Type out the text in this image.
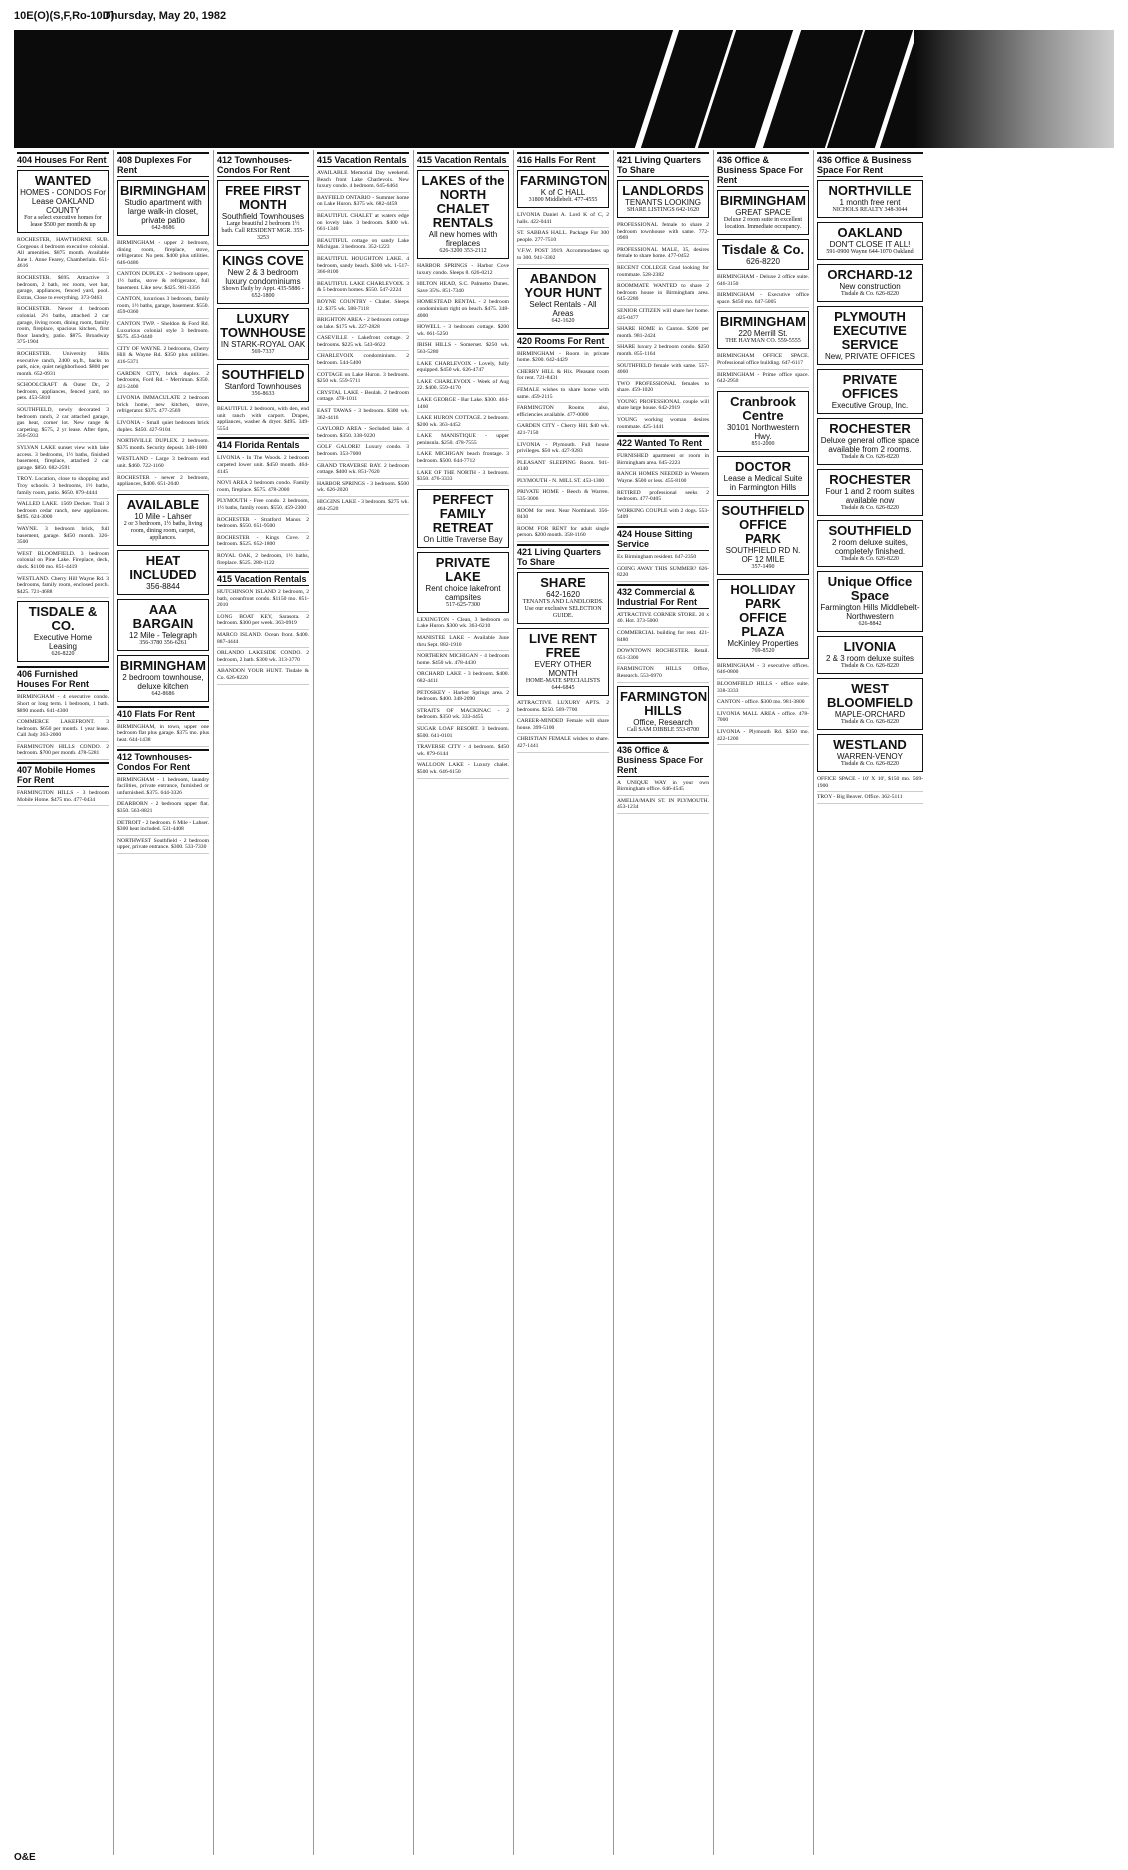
10E(O)(S,F,Ro-10D)
Thursday, May 20, 1982
404 Houses For Rent
WANTED
HOMES - CONDOS For Lease OAKLAND COUNTY
For a select executive homes for lease $500 per month & up
ROCHESTER, HAWTHORNE SUB. Gorgeous 4 bedroom executive colonial. All amenities. $875 month. Available June 1. Anne Fearey, Chamberlain. 651-4616
ROCHESTER. $695. Attractive 3 bedroom, 2 bath, rec room, wet bar, garage, appliances, fenced yard, pool. Extras, Close to everything. 373-9463
ROCHESTER. Newer 4 bedroom colonial. 2½ baths, attached 2 car garage, living room, dining room, family room, fireplace, spacious kitchen, first floor laundry, patio. $875. Broadway 375-1904
ROCHESTER. University Hills executive ranch, 2400 sq.ft., backs to park, nice, quiet neighborhood. $800 per month. 652-0931
SCHOOLCRAFT & Outer Dr., 2 bedroom, appliances, fenced yard, no pets. 453-5810
SOUTHFIELD, newly decorated 3 bedroom ranch, 2 car attached garage, gas heat, corner lot. New range & carpeting. $575, 2 yr lease. After 6pm, 356-5933
SYLVAN LAKE sunset view with lake access. 3 bedrooms, 1½ baths, finished basement, fireplace, attached 2 car garage. $850. 682-2591
TROY. Location, close to shopping and Troy schools. 3 bedrooms, 1½ baths, family room, patio. $650. 879-4444
WALLED LAKE. 1569 Decker. Trail 3 bedroom cedar ranch, new appliances. $495. 624-3000
WAYNE. 3 bedroom brick, full basement, garage. $450 month. 326-3500
WEST BLOOMFIELD. 3 bedroom colonial on Pine Lake. Fireplace, deck, dock. $1100 mo. 851-4419
WESTLAND. Cherry Hill Wayne Rd. 3 bedrooms, family room, enclosed porch. $425. 721-4688
TISDALE & CO.
Executive Home Leasing
626-8220
406 Furnished Houses For Rent
BIRMINGHAM - 4 executive condo. Short or long term. 1 bedroom, 1 bath. $890 month. 641-4300
COMMERCE LAKEFRONT. 3 bedroom. $650 per month. 1 year lease. Call Judy 363-2000
FARMINGTON HILLS CONDO. 2 bedroom. $700 per month. 478-5281
407 Mobile Homes For Rent
FARMINGTON HILLS - 3 bedroom Mobile Home. $475 mo. 477-0434
408 Duplexes For Rent
BIRMINGHAM
Studio apartment with large walk-in closet, private patio
642-8686
BIRMINGHAM - upper 2 bedroom, dining room, fireplace, stove, refrigerator. No pets. $400 plus utilities. 646-0486
CANTON DUPLEX - 2 bedroom upper, 1½ baths, stove & refrigerator, full basement. Like new. $425. 981-3356
CANTON, luxurious 3 bedroom, family room, 1½ baths, garage, basement. $550. 459-0360
CANTON TWP. - Sheldon & Ford Rd. Luxurious colonial style 3 bedroom. $575. 453-0440
CITY OF WAYNE. 2 bedrooms, Cherry Hill & Wayne Rd. $350 plus utilities. 416-5371
GARDEN CITY, brick duplex. 2 bedrooms, Ford Rd. - Merriman. $350. 421-2400
LIVONIA IMMACULATE 2 bedroom brick home, new kitchen, stove, refrigerator. $375. 477-2569
LIVONIA - Small quiet bedroom brick duplex. $450. 427-9104
NORTHVILLE DUPLEX. 2 bedroom. $375 month. Security deposit. 348-1000
WESTLAND - Large 3 bedroom end unit. $460. 722-1160
ROCHESTER - newer 2 bedroom, appliances, $400. 651-2040
AVAILABLE
10 Mile - Lahser
2 or 3 bedroom, 1½ baths, living room, dining room, carpet, appliances.
HEAT INCLUDED
356-8844
AAA BARGAIN
12 Mile - Telegraph
356-3780 356-6261
BIRMINGHAM
2 bedroom townhouse, deluxe kitchen
642-8686
410 Flats For Rent
BIRMINGHAM, in town, upper one bedroom flat plus garage. $375 mo. plus heat. 644-1438
412 Townhouses-Condos For Rent
BIRMINGHAM - 1 bedroom, laundry facilities, private entrance, furnished or unfurnished. $375. 644-3326
DEARBORN - 2 bedroom upper flat. $350. 563-8821
DETROIT - 2 bedroom. 6 Mile - Lahser. $300 heat included. 531-4408
NORTHWEST Southfield - 2 bedroom upper, private entrance. $300. 533-7330
412 Townhouses-Condos For Rent
FREE FIRST MONTH
Southfield Townhouses
Large beautiful 2 bedroom 1½ bath. Call RESIDENT MGR. 355-3253
KINGS COVE
New 2 & 3 bedroom luxury condominiums
Shown Daily by Appt. 435-5886 - 652-1800
LUXURY TOWNHOUSE
IN STARK-ROYAL OAK
569-7337
SOUTHFIELD
Stanford Townhouses
356-8633
BEAUTIFUL 2 bedroom, with den, end unit ranch with carport. Drapes, appliances, washer & dryer. $495. 349-5554
414 Florida Rentals
LIVONIA - In The Woods. 2 bedroom carpeted lower unit. $450 month. 464-4145
NOVI AREA 2 bedroom condo. Family room, fireplace. $575. 478-2000
PLYMOUTH - Free condo. 2 bedroom, 1½ baths, family room. $550. 459-2300
ROCHESTER - Stratford Manor. 2 bedroom. $550. 651-9500
ROCHESTER - Kings Cove. 2 bedroom. $525. 652-1800
ROYAL OAK, 2 bedroom, 1½ baths, fireplace. $525. 280-1122
415 Vacation Rentals
HUTCHINSON ISLAND 2 bedroom, 2 bath, oceanfront condo. $1150 mo. 851-2010
LONG BOAT KEY, Sarasota. 2 bedroom. $300 per week. 363-0919
MARCO ISLAND. Ocean front. $400. 887-4444
ORLANDO LAKESIDE CONDO. 2 bedroom, 2 bath. $300 wk. 313-3770
ABANDON YOUR HUNT. Tisdale & Co. 626-8220
415 Vacation Rentals
AVAILABLE Memorial Day weekend. Beach front Lake Charlevoix. New luxury condo. 4 bedroom. 645-6464
BAYFIELD ONTARIO - Summer home on Lake Huron. $375 wk. 682-4459
BEAUTIFUL CHALET at waters edge on lovely lake. 3 bedroom. $400 wk. 661-1340
BEAUTIFUL cottage on sandy Lake Michigan. 3 bedroom. 352-1223
BEAUTIFUL HOUGHTON LAKE. 4 bedroom, sandy beach. $300 wk. 1-517-366-8100
BEAUTIFUL LAKE CHARLEVOIX. 3 & 5 bedroom homes. $550. 547-2224
BOYNE COUNTRY - Chalet. Sleeps 12. $375 wk. 588-7118
BRIGHTON AREA - 2 bedroom cottage on lake. $175 wk. 227-2828
CASEVILLE - Lakefront cottage. 2 bedrooms. $225 wk. 543-6622
CHARLEVOIX condominium. 2 bedroom. 544-5400
COTTAGE on Lake Huron. 3 bedroom. $250 wk. 559-5711
CRYSTAL LAKE - Beulah. 2 bedroom cottage. 478-1011
EAST TAWAS - 3 bedroom. $300 wk. 362-4416
GAYLORD AREA - Secluded lake. 4 bedroom. $350. 338-9220
GOLF GALORE! Luxury condo. 3 bedroom. 353-7000
GRAND TRAVERSE BAY. 2 bedroom cottage. $400 wk. 851-7620
HARBOR SPRINGS - 3 bedroom. $500 wk. 626-2020
HIGGINS LAKE - 3 bedroom. $275 wk. 464-2520
415 Vacation Rentals
LAKES of the NORTH CHALET RENTALS
All new homes with fireplaces
626-3200 353-2112
HARBOR SPRINGS - Harbor Cove luxury condo. Sleeps 8. 626-0212
HILTON HEAD, S.C. Palmetto Dunes. Save 35%. 851-7340
HOMESTEAD RENTAL - 2 bedroom condominium right on beach. $475. 348-4000
HOWELL - 3 bedroom cottage. $200 wk. 661-5250
IRISH HILLS - Somerset. $250 wk. 563-5280
LAKE CHARLEVOIX - Lovely, fully equipped. $450 wk. 626-4747
LAKE CHARLEVOIX - Week of Aug 22. $400. 559-4170
LAKE GEORGE - Bar Lake. $300. 464-1460
LAKE HURON COTTAGE. 2 bedroom. $200 wk. 363-4452
LAKE MANISTIQUE - upper peninsula. $250. 478-7555
LAKE MICHIGAN beach frontage. 3 bedroom. $500. 644-7712
LAKE OF THE NORTH - 3 bedroom. $350. 476-3333
PERFECT FAMILY RETREAT
On Little Traverse Bay
PRIVATE LAKE
Rent choice lakefront campsites
517-625-7300
LEXINGTON - Clean, 3 bedroom on Lake Huron. $300 wk. 363-6210
MANISTEE LAKE - Available June thru Sept. 882-1910
NORTHERN MICHIGAN - 4 bedroom home. $450 wk. 478-4430
ORCHARD LAKE - 3 bedroom. $400. 682-4411
PETOSKEY - Harbor Springs area. 2 bedroom. $400. 348-2090
STRAITS OF MACKINAC - 2 bedroom. $350 wk. 333-4455
SUGAR LOAF RESORT. 3 bedroom. $500. 641-0101
TRAVERSE CITY - 4 bedroom. $450 wk. 879-6144
WALLOON LAKE - Luxury chalet. $500 wk. 646-6150
416 Halls For Rent
FARMINGTON
K of C HALL
31800 Middlebelt. 477-4555
LIVONIA Daniel A. Lord K of C, 2 halls. 422-0441
ST. SABBAS HALL. Package For 300 people. 277-7510
V.F.W. POST 3919. Accommodates up to 300. 941-3302
ABANDON YOUR HUNT
Select Rentals - All Areas
642-1620
420 Rooms For Rent
BIRMINGHAM - Room in private home. $200. 642-4429
CHERRY HILL & Hix. Pleasant room for rent. 721-8431
FEMALE wishes to share home with same. 459-2115
FARMINGTON Rooms also, efficiencies available. 477-0000
GARDEN CITY - Cherry Hill. $40 wk. 421-7150
LIVONIA - Plymouth. Full house privileges. $50 wk. 427-9283
PLEASANT SLEEPING Room. 941-4140
PLYMOUTH - N. MILL ST. 453-1300
PRIVATE HOME - Beech & Warren. 535-3006
ROOM for rent. Near Northland. 356-8430
ROOM FOR RENT for adult single person. $200 month. 358-1160
421 Living Quarters To Share
SHARE
642-1620
TENANTS AND LANDLORDS. Use our exclusive SELECTION GUIDE.
LIVE RENT FREE
EVERY OTHER MONTH
HOME-MATE SPECIALISTS 644-6845
ATTRACTIVE LUXURY APTS. 2 bedrooms. $250. 569-7700
CAREER-MINDED Female will share house. 399-5100
CHRISTIAN FEMALE wishes to share. 427-1441
421 Living Quarters To Share
LANDLORDS
TENANTS LOOKING
SHARE LISTINGS 642-1620
PROFESSIONAL female to share 2 bedroom townhouse with same. 772-0969
PROFESSIONAL MALE, 35, desires female to share home. 477-0452
RECENT COLLEGE Grad looking for roommate. 528-2382
ROOMMATE WANTED to share 2 bedroom house in Birmingham area. 645-2280
SENIOR CITIZEN will share her home. 425-0477
SHARE HOME in Canton. $200 per month. 981-2424
SHARE luxury 2 bedroom condo. $250 month. 855-1164
SOUTHFIELD female with same. 557-4060
TWO PROFESSIONAL females to share. 459-1020
YOUNG PROFESSIONAL couple will share large house. 642-2919
YOUNG working woman desires roommate. 425-1441
422 Wanted To Rent
FURNISHED apartment or room in Birmingham area. 645-2223
RANCH HOMES NEEDED in Western Wayne. $500 or less. 455-8100
RETIRED professional seeks 2 bedroom. 477-0405
WORKING COUPLE with 2 dogs. 553-5409
424 House Sitting Service
Ex Birmingham resident. 647-2350
GOING AWAY THIS SUMMER? 626-8220
432 Commercial & Industrial For Rent
ATTRACTIVE CORNER STORE. 20 x 40. Hot. 373-5000
COMMERCIAL building for rent. 421-8480
DOWNTOWN ROCHESTER. Retail. 651-3300
FARMINGTON HILLS Office, Research. 553-6970
FARMINGTON HILLS
Office, Research
Call SAM DIBBLE 553-8700
436 Office & Business Space For Rent
A UNIQUE WAY in your own Birmingham office. 646-4545
AMELIA/MAIN ST. IN PLYMOUTH. 453-1234
436 Office & Business Space For Rent
BIRMINGHAM
GREAT SPACE
Deluxe 2 room suite in excellent location. Immediate occupancy.
Tisdale & Co.
626-8220
BIRMINGHAM - Deluxe 2 office suite. 646-3150
BIRMINGHAM - Executive office space. $450 mo. 647-5005
BIRMINGHAM
220 Merrill St.
THE HAYMAN CO. 559-5555
BIRMINGHAM OFFICE SPACE. Professional office building. 647-6117
BIRMINGHAM - Prime office space. 642-2950
Cranbrook Centre
30101 Northwestern Hwy.
851-2000
DOCTOR
Lease a Medical Suite in Farmington Hills
SOUTHFIELD OFFICE PARK
SOUTHFIELD RD N. OF 12 MILE
357-1490
HOLLIDAY PARK OFFICE PLAZA
McKinley Properties
769-8520
BIRMINGHAM - 3 executive offices. 646-0800
BLOOMFIELD HILLS - office suite. 338-3333
CANTON - office. $300 mo. 981-3800
LIVONIA MALL AREA - office. 478-7000
LIVONIA - Plymouth Rd. $350 mo. 422-1200
436 Office & Business Space For Rent
NORTHVILLE
1 month free rent
NICHOLS REALTY 348-3044
OAKLAND
DON'T CLOSE IT ALL!
591-0900 Wayne 644-1070 Oakland
ORCHARD-12
New construction
Tisdale & Co. 626-8220
PLYMOUTH EXECUTIVE SERVICE
New, PRIVATE OFFICES
PRIVATE OFFICES
Executive Group, Inc.
ROCHESTER
Deluxe general office space available from 2 rooms.
Tisdale & Co. 626-8220
ROCHESTER
Four 1 and 2 room suites available now
Tisdale & Co. 626-8220
SOUTHFIELD
2 room deluxe suites, completely finished.
Tisdale & Co. 626-8220
Unique Office Space
Farmington Hills Middlebelt-Northwestern
626-8842
LIVONIA
2 & 3 room deluxe suites
Tisdale & Co. 626-8220
WEST BLOOMFIELD
MAPLE-ORCHARD
Tisdale & Co. 626-8220
WESTLAND
WARREN-VENOY
Tisdale & Co. 626-8220
OFFICE SPACE - 10' X 10', $150 mo. 569-1900
TROY - Big Beaver. Office. 362-5111
O&E
